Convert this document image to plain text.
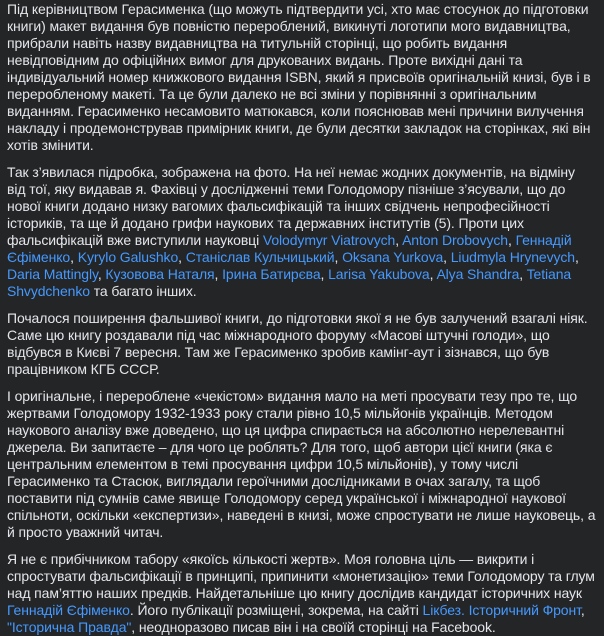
Під керівництвом Герасименка (що можуть підтвердити усі, хто має стосунок до підготовки книги) макет видання був повністю перероблений, викинуті логотипи мого видавництва, прибрали навіть назву видавництва на титульній сторінці, що робить видання невідповідним до офіційних вимог для друкованих видань. Проте вихідні дані та індивідуальний номер книжкового видання ISBN, який я присвоїв оригінальній книзі, був і в переробленому макеті. Та це були далеко не всі зміни у порівнянні з оригінальним виданням. Герасименко несамовито матюкався, коли пояснював мені причини вилучення накладу і продемонстрував примірник книги, де були десятки закладок на сторінках, які він хотів змінити.

Так з’явилася підробка, зображена на фото. На неї немає жодних документів, на відміну від тої, яку видавав я. Фахівці у дослідженні теми Голодомору пізніше з’ясували, що до нової книги додано низку вагомих фальсифікацій та інших свідчень непрофесійності істориків, та ще й додано грифи наукових та державних інститутів (5). Проти цих фальсифікацій вже виступили науковці Volodymyr Viatrovych, Anton Drobovych, Геннадій Єфіменко, Kyrylo Galushko, Станіслав Кульчицький, Oksana Yurkova, Liudmyla Hrynevych, Daria Mattingly, Кузовова Наталя, Ірина Батирєва, Larisa Yakubova, Alya Shandra, Tetiana Shvydchenko та багато інших.

Почалося поширення фальшивої книги, до підготовки якої я не був залучений взагалі ніяк. Саме цю книгу роздавали під час міжнародного форуму «Масові штучні голоди», що відбувся в Києві 7 вересня. Там же Герасименко зробив камінг-аут і зізнався, що був працівником КГБ СССР.

І оригінальне, і перероблене «чекістом» видання мало на меті просувати тезу про те, що жертвами Голодомору 1932-1933 року стали рівно 10,5 мільйонів українців. Методом наукового аналізу вже доведено, що ця цифра спирається на абсолютно нерелевантні джерела. Ви запитаєте – для чого це роблять? Для того, щоб автори цієї книги (яка є центральним елементом в темі просування цифри 10,5 мільйонів), у тому числі Герасименко та Стасюк, виглядали героїчними дослідниками в очах загалу, та щоб поставити під сумнів саме явище Голодомору серед української і міжнародної наукової спільноти, оскільки «експертизи», наведені в книзі, може спростувати не лише науковець, а й просто уважний читач.

Я не є прибічником табору «якоїсь кількості жертв». Моя головна ціль — викрити і спростувати фальсифікації в принципі, припинити «монетизацію» теми Голодомору та глум над пам’яттю наших предків. Найдетальніше цю книгу дослідив кандидат історичних наук Геннадій Єфіменко. Його публікації розміщені, зокрема, на сайті Lікбез. Історичний Фронт, "Історична Правда", неодноразово писав він і на своїй сторінці на Facebook.
